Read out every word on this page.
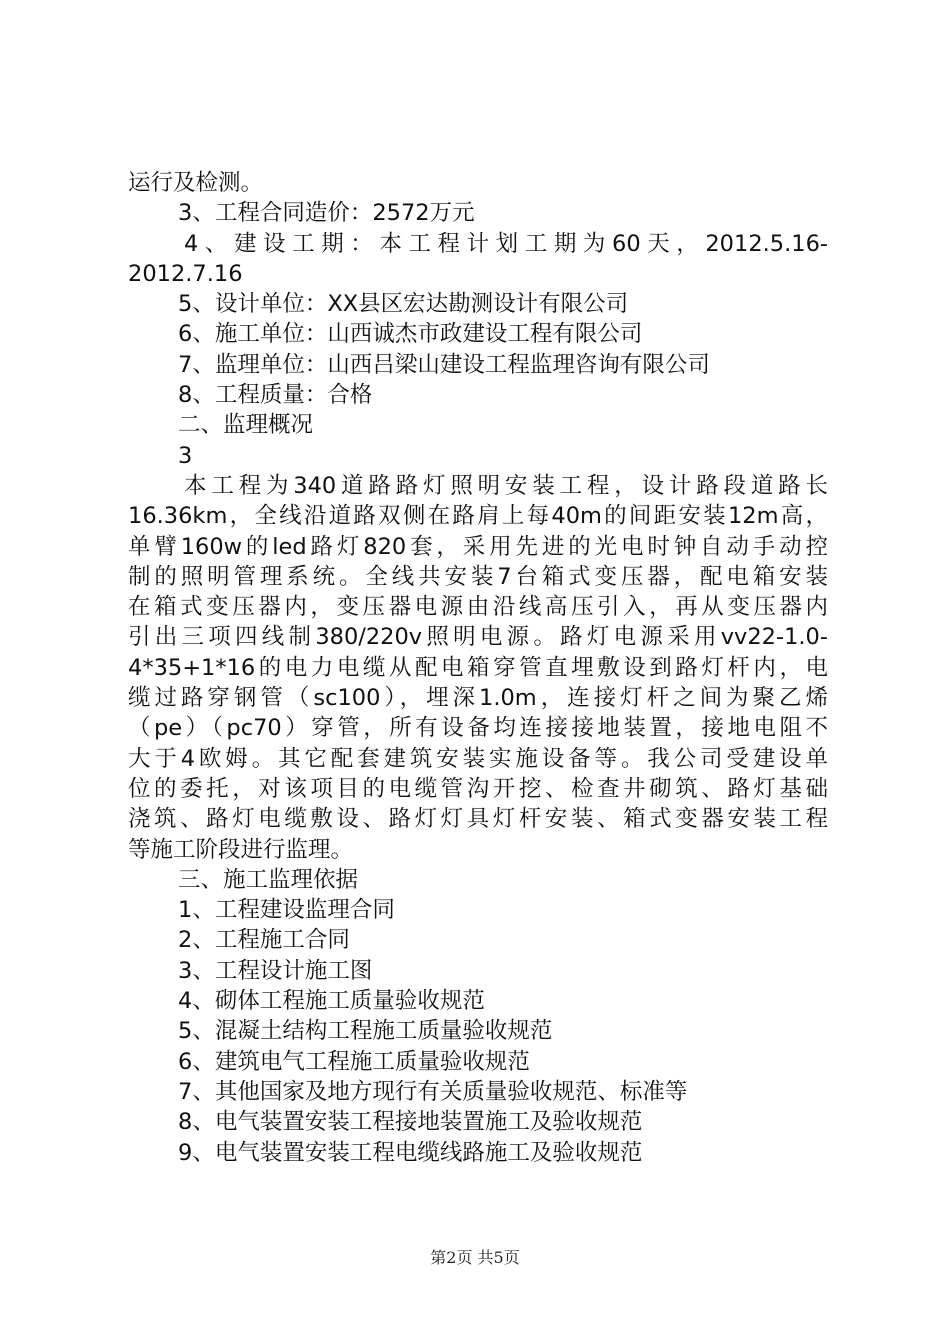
运行及检测。

3、工程合同造价：2572万元

4、建设工期：本工程计划工期为60天，2012.5.16-

2012.7.16

5、设计单位：XX县区宏达勘测设计有限公司

6、施工单位：山西诚杰市政建设工程有限公司

7、监理单位：山西吕梁山建设工程监理咨询有限公司

8、工程质量：合格

二、监理概况

3

本工程为340道路路灯照明安装工程，设计路段道路长

16.36km，全线沿道路双侧在路肩上每40m的间距安装12m高，

单臂160w的led路灯820套，采用先进的光电时钟自动手动控

制的照明管理系统。全线共安装7台箱式变压器，配电箱安装

在箱式变压器内，变压器电源由沿线高压引入，再从变压器内

引出三项四线制380/220v照明电源。路灯电源采用vv22-1.0-

4*35+1*16的电力电缆从配电箱穿管直埋敷设到路灯杆内，电

缆过路穿钢管（sc100），埋深1.0m，连接灯杆之间为聚乙烯

（pe）（pc70）穿管，所有设备均连接接地装置，接地电阻不

大于4欧姆。其它配套建筑安装实施设备等。我公司受建设单

位的委托，对该项目的电缆管沟开挖、检查井砌筑、路灯基础

浇筑、路灯电缆敷设、路灯灯具灯杆安装、箱式变器安装工程

等施工阶段进行监理。

三、施工监理依据

1、工程建设监理合同

2、工程施工合同

3、工程设计施工图

4、砌体工程施工质量验收规范

5、混凝土结构工程施工质量验收规范

6、建筑电气工程施工质量验收规范

7、其他国家及地方现行有关质量验收规范、标准等

8、电气装置安装工程接地装置施工及验收规范

9、电气装置安装工程电缆线路施工及验收规范

第2页 共5页
